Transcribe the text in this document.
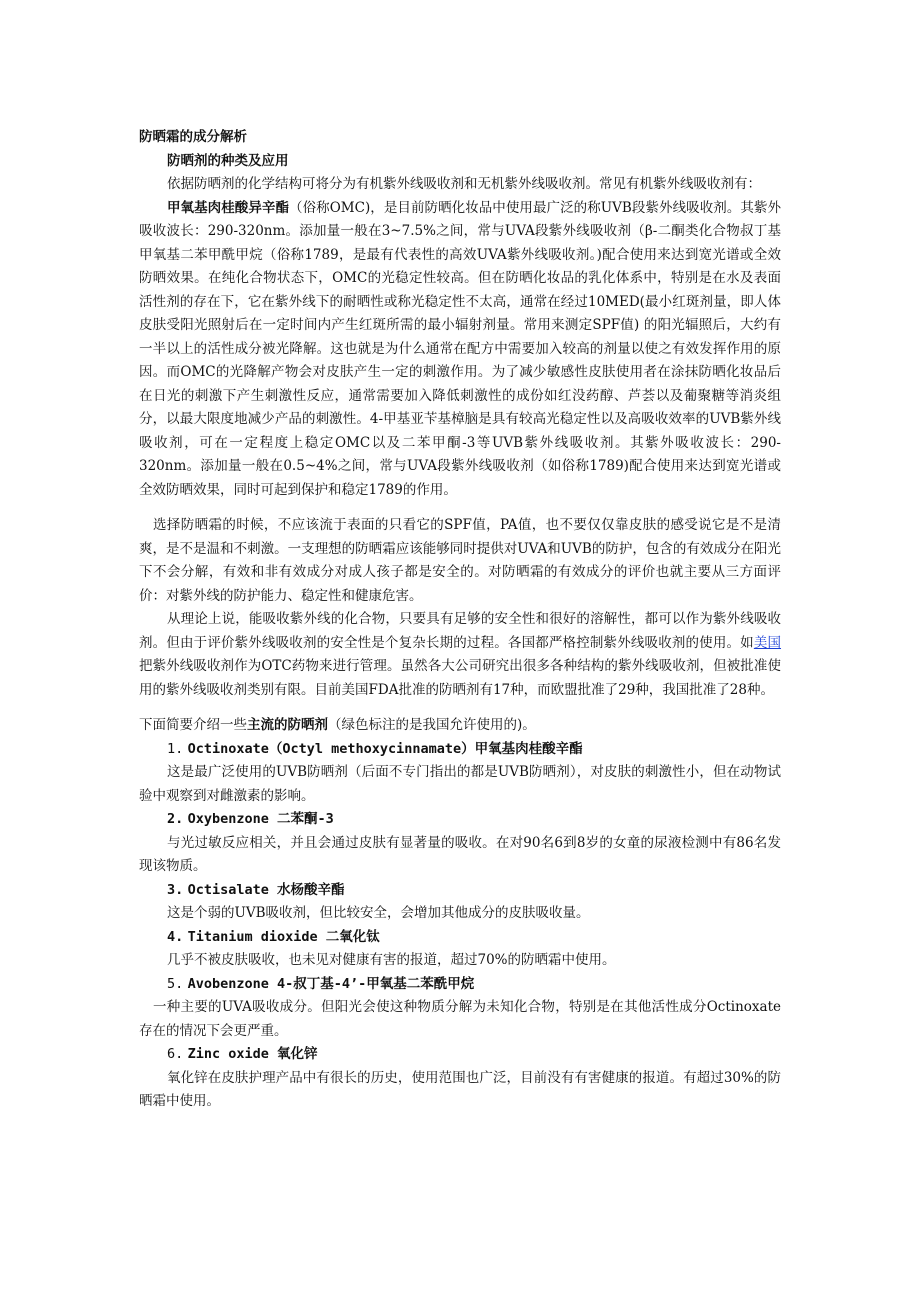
防晒霜的成分解析

防晒剂的种类及应用

依据防晒剂的化学结构可将分为有机紫外线吸收剂和无机紫外线吸收剂。常见有机紫外线吸收剂有：

甲氧基肉桂酸异辛酯（俗称OMC)，是目前防晒化妆品中使用最广泛的称UVB段紫外线吸收剂。其紫外吸收波长：290-320nm。添加量一般在3~7.5%之间，常与UVA段紫外线吸收剂（β-二酮类化合物叔丁基甲氧基二苯甲酰甲烷（俗称1789，是最有代表性的高效UVA紫外线吸收剂。)配合使用来达到宽光谱或全效防晒效果。在纯化合物状态下，OMC的光稳定性较高。但在防晒化妆品的乳化体系中，特别是在水及表面活性剂的存在下，它在紫外线下的耐晒性或称光稳定性不太高，通常在经过10MED(最小红斑剂量，即人体皮肤受阳光照射后在一定时间内产生红斑所需的最小辐射剂量。常用来测定SPF值) 的阳光辐照后，大约有一半以上的活性成分被光降解。这也就是为什么通常在配方中需要加入较高的剂量以使之有效发挥作用的原因。而OMC的光降解产物会对皮肤产生一定的刺激作用。为了减少敏感性皮肤使用者在涂抹防晒化妆品后在日光的刺激下产生刺激性反应，通常需要加入降低刺激性的成份如红没药醇、芦荟以及葡聚糖等消炎组分，以最大限度地减少产品的刺激性。4-甲基亚苄基樟脑是具有较高光稳定性以及高吸收效率的UVB紫外线吸收剂，可在一定程度上稳定OMC以及二苯甲酮-3等UVB紫外线吸收剂。其紫外吸收波长：290-320nm。添加量一般在0.5~4%之间，常与UVA段紫外线吸收剂（如俗称1789)配合使用来达到宽光谱或全效防晒效果，同时可起到保护和稳定1789的作用。

选择防晒霜的时候，不应该流于表面的只看它的SPF值，PA值，也不要仅仅靠皮肤的感受说它是不是清爽，是不是温和不刺激。一支理想的防晒霜应该能够同时提供对UVA和UVB的防护，包含的有效成分在阳光下不会分解，有效和非有效成分对成人孩子都是安全的。对防晒霜的有效成分的评价也就主要从三方面评价：对紫外线的防护能力、稳定性和健康危害。

从理论上说，能吸收紫外线的化合物，只要具有足够的安全性和很好的溶解性，都可以作为紫外线吸收剂。但由于评价紫外线吸收剂的安全性是个复杂长期的过程。各国都严格控制紫外线吸收剂的使用。如美国把紫外线吸收剂作为OTC药物来进行管理。虽然各大公司研究出很多各种结构的紫外线吸收剂，但被批准使用的紫外线吸收剂类别有限。目前美国FDA批准的防晒剂有17种，而欧盟批准了29种，我国批准了28种。

下面简要介绍一些主流的防晒剂（绿色标注的是我国允许使用的)。

1. Octinoxate（Octyl methoxycinnamate）甲氧基肉桂酸辛酯

这是最广泛使用的UVB防晒剂（后面不专门指出的都是UVB防晒剂），对皮肤的刺激性小，但在动物试验中观察到对雌激素的影响。

2. Oxybenzone 二苯酮-3

与光过敏反应相关，并且会通过皮肤有显著量的吸收。在对90名6到8岁的女童的尿液检测中有86名发现该物质。

3. Octisalate 水杨酸辛酯

这是个弱的UVB吸收剂，但比较安全，会增加其他成分的皮肤吸收量。

4. Titanium dioxide 二氧化钛

几乎不被皮肤吸收，也未见对健康有害的报道，超过70%的防晒霜中使用。

5. Avobenzone 4-叔丁基-4’-甲氧基二苯酰甲烷

一种主要的UVA吸收成分。但阳光会使这种物质分解为未知化合物，特别是在其他活性成分Octinoxate存在的情况下会更严重。

6. Zinc oxide 氧化锌

氧化锌在皮肤护理产品中有很长的历史，使用范围也广泛，目前没有有害健康的报道。有超过30%的防晒霜中使用。
